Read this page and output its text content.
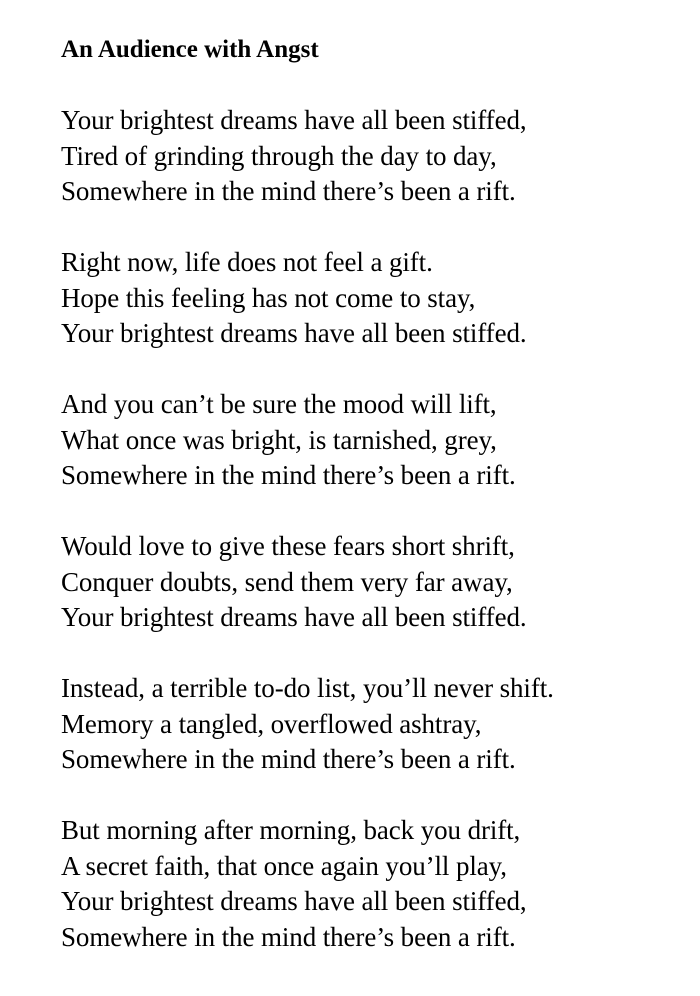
An Audience with Angst
Your brightest dreams have all been stiffed,
Tired of grinding through the day to day,
Somewhere in the mind there’s been a rift.
Right now, life does not feel a gift.
Hope this feeling has not come to stay,
Your brightest dreams have all been stiffed.
And you can’t be sure the mood will lift,
What once was bright, is tarnished, grey,
Somewhere in the mind there’s been a rift.
Would love to give these fears short shrift,
Conquer doubts, send them very far away,
Your brightest dreams have all been stiffed.
Instead, a terrible to-do list, you’ll never shift.
Memory a tangled, overflowed ashtray,
Somewhere in the mind there’s been a rift.
But morning after morning, back you drift,
A secret faith, that once again you’ll play,
Your brightest dreams have all been stiffed,
Somewhere in the mind there’s been a rift.
